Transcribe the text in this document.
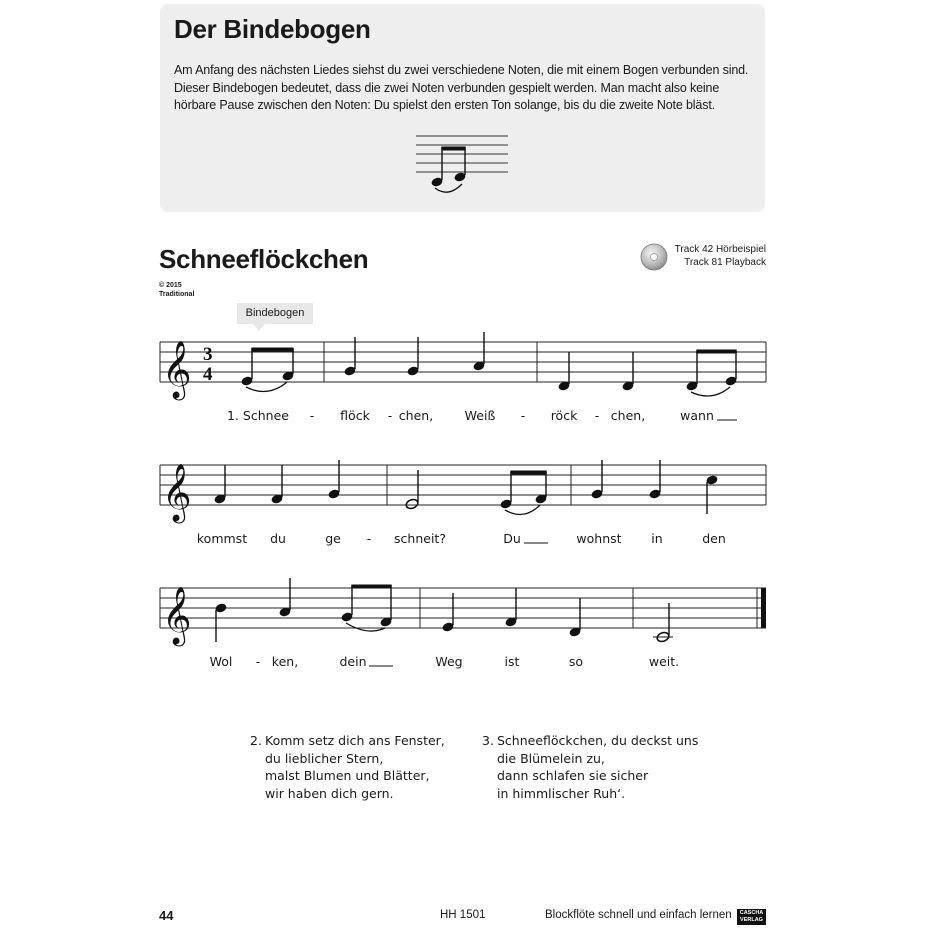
Der Bindebogen

Am Anfang des nächsten Liedes siehst du zwei verschiedene Noten, die mit einem Bogen verbunden sind.
Dieser Bindebogen bedeutet, dass die zwei Noten verbunden gespielt werden. Man macht also keine
hörbare Pause zwischen den Noten: Du spielst den ersten Ton solange, bis du die zweite Note bläst.

Schneeflöckchen
© 2015
Traditional
Track 42 Hörbeispiel
Track 81 Playback
Bindebogen
𝄞 3
4
1. Schnee - flöck - chen,	Weiß - röck - chen,	wann
𝄞
kommst du	ge - schneit?	Du	wohnst in	den
𝄞
Wol - ken,	dein	Weg	ist	so	weit.
2. Komm setz dich ans Fenster,
du lieblicher Stern,
malst Blumen und Blätter,
wir haben dich gern.
3. Schneeflöckchen, du deckst uns
die Blümelein zu,
dann schlafen sie sicher
in himmlischer Ruh‘.
44	HH 1501	Blockflöte schnell und einfach lernen	CASCHA
VERLAG
